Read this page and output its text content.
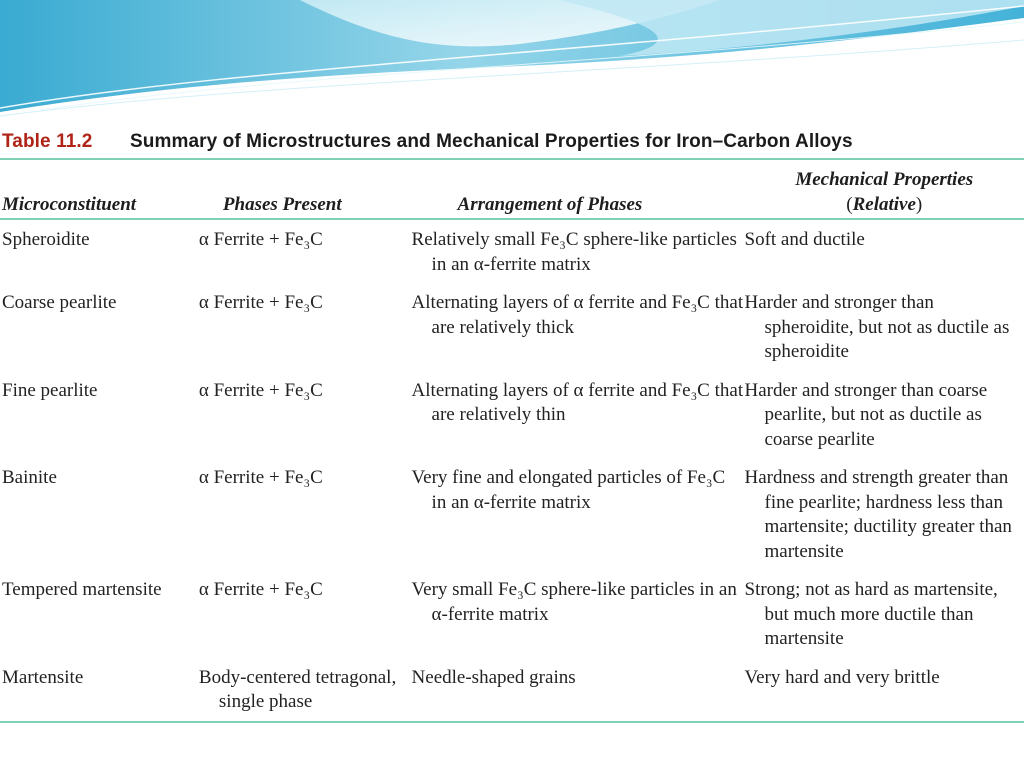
Table 11.2	Summary of Microstructures and Mechanical Properties for Iron–Carbon Alloys
Microconstituent	Phases Present	Arrangement of Phases	Mechanical Properties
(Relative)
Spheroidite	α Ferrite + Fe₃C	Relatively small Fe₃C sphere-like particles in an α-ferrite matrix	Soft and ductile
Coarse pearlite	α Ferrite + Fe₃C	Alternating layers of α ferrite and Fe₃C that are relatively thick	Harder and stronger than spheroidite, but not as ductile as spheroidite
Fine pearlite	α Ferrite + Fe₃C	Alternating layers of α ferrite and Fe₃C that are relatively thin	Harder and stronger than coarse pearlite, but not as ductile as coarse pearlite
Bainite	α Ferrite + Fe₃C	Very fine and elongated particles of Fe₃C in an α-ferrite matrix	Hardness and strength greater than fine pearlite; hardness less than martensite; ductility greater than martensite
Tempered martensite	α Ferrite + Fe₃C	Very small Fe₃C sphere-like particles in an α-ferrite matrix	Strong; not as hard as martensite, but much more ductile than martensite
Martensite	Body-centered tetragonal, single phase	Needle-shaped grains	Very hard and very brittle
